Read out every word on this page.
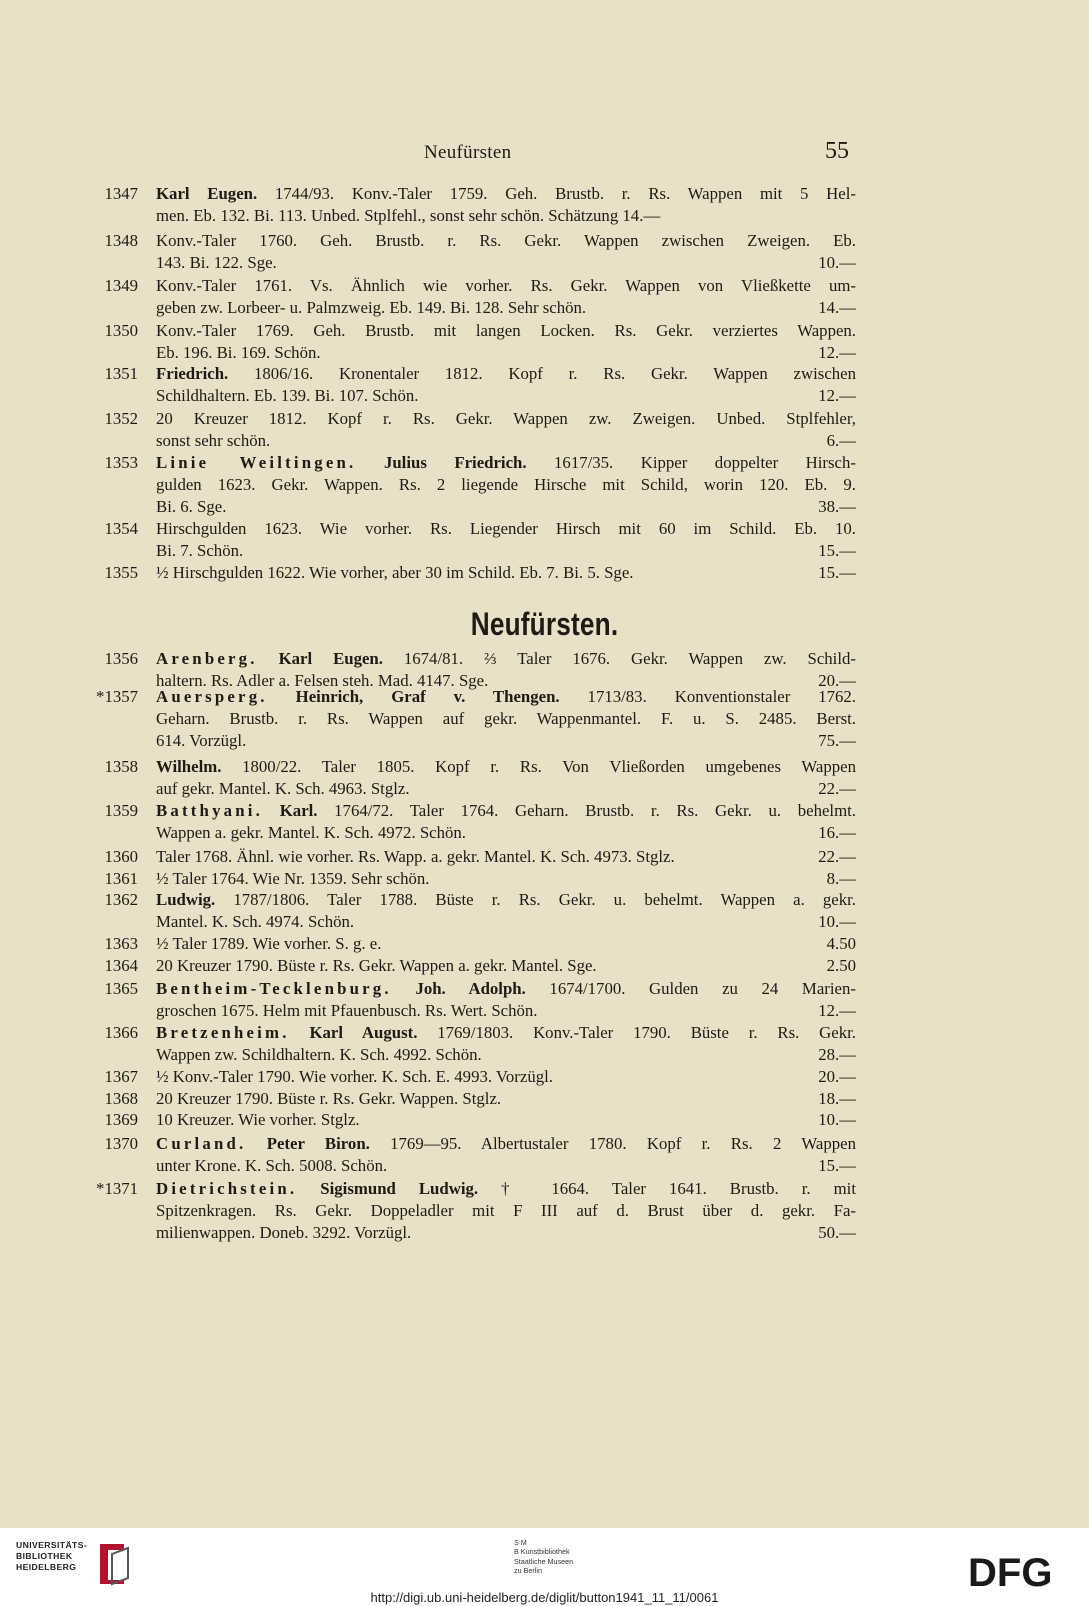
Neufürsten	55
1347 Karl Eugen. 1744/93. Konv.-Taler 1759. Geh. Brustb. r. Rs. Wappen mit 5 Hel-
men. Eb. 132. Bi. 113. Unbed. Stplfehl., sonst sehr schön. Schätzung 14.—
1348 Konv.-Taler 1760. Geh. Brustb. r. Rs. Gekr. Wappen zwischen Zweigen. Eb.
143. Bi. 122. Sge.	10.—
1349 Konv.-Taler 1761. Vs. Ähnlich wie vorher. Rs. Gekr. Wappen von Vließkette um-
geben zw. Lorbeer- u. Palmzweig. Eb. 149. Bi. 128. Sehr schön.	14.—
1350 Konv.-Taler 1769. Geh. Brustb. mit langen Locken. Rs. Gekr. verziertes Wappen.
Eb. 196. Bi. 169. Schön.	12.—
1351 Friedrich. 1806/16. Kronentaler 1812. Kopf r. Rs. Gekr. Wappen zwischen
Schildhaltern. Eb. 139. Bi. 107. Schön.	12.—
1352 20 Kreuzer 1812. Kopf r. Rs. Gekr. Wappen zw. Zweigen. Unbed. Stplfehler,
sonst sehr schön.	6.—
1353 Linie Weiltingen. Julius Friedrich. 1617/35. Kipper doppelter Hirsch-
gulden 1623. Gekr. Wappen. Rs. 2 liegende Hirsche mit Schild, worin 120. Eb. 9.
Bi. 6. Sge.	38.—
1354 Hirschgulden 1623. Wie vorher. Rs. Liegender Hirsch mit 60 im Schild. Eb. 10.
Bi. 7. Schön.	15.—
1355 ½ Hirschgulden 1622. Wie vorher, aber 30 im Schild. Eb. 7. Bi. 5. Sge.	15.—
1356 Arenberg. Karl Eugen. 1674/81. ⅔ Taler 1676. Gekr. Wappen zw. Schild-
haltern. Rs. Adler a. Felsen steh. Mad. 4147. Sge.	20.—
*1357 Auersperg. Heinrich, Graf v. Thengen. 1713/83. Konventionstaler 1762.
Geharn. Brustb. r. Rs. Wappen auf gekr. Wappenmantel. F. u. S. 2485. Berst.
614. Vorzügl.	75.—
1358 Wilhelm. 1800/22. Taler 1805. Kopf r. Rs. Von Vließorden umgebenes Wappen
auf gekr. Mantel. K. Sch. 4963. Stglz.	22.—
1359 Batthyani. Karl. 1764/72. Taler 1764. Geharn. Brustb. r. Rs. Gekr. u. behelmt.
Wappen a. gekr. Mantel. K. Sch. 4972. Schön.	16.—
1360 Taler 1768. Ähnl. wie vorher. Rs. Wapp. a. gekr. Mantel. K. Sch. 4973. Stglz.	22.—
1361 ½ Taler 1764. Wie Nr. 1359. Sehr schön.	8.—
1362 Ludwig. 1787/1806. Taler 1788. Büste r. Rs. Gekr. u. behelmt. Wappen a. gekr.
Mantel. K. Sch. 4974. Schön.	10.—
1363 ½ Taler 1789. Wie vorher. S. g. e.	4.50
1364 20 Kreuzer 1790. Büste r. Rs. Gekr. Wappen a. gekr. Mantel. Sge.	2.50
1365 Bentheim-Tecklenburg. Joh. Adolph. 1674/1700. Gulden zu 24 Marien-
groschen 1675. Helm mit Pfauenbusch. Rs. Wert. Schön.	12.—
1366 Bretzenheim. Karl August. 1769/1803. Konv.-Taler 1790. Büste r. Rs. Gekr.
Wappen zw. Schildhaltern. K. Sch. 4992. Schön.	28.—
1367 ½ Konv.-Taler 1790. Wie vorher. K. Sch. E. 4993. Vorzügl.	20.—
1368 20 Kreuzer 1790. Büste r. Rs. Gekr. Wappen. Stglz.	18.—
1369 10 Kreuzer. Wie vorher. Stglz.	10.—
1370 Curland. Peter Biron. 1769—95. Albertustaler 1780. Kopf r. Rs. 2 Wappen
unter Krone. K. Sch. 5008. Schön.	15.—
*1371 Dietrichstein. Sigismund Ludwig. † 1664. Taler 1641. Brustb. r. mit
Spitzenkragen. Rs. Gekr. Doppeladler mit F III auf d. Brust über d. gekr. Fa-
milienwappen. Doneb. 3292. Vorzügl.	50.—
Neufürsten.
UNIVERSITÄTS-
BIBLIOTHEK
HEIDELBERG
S M
B Kunstbibliothek
Staatliche Museen
zu Berlin	DFG
http://digi.ub.uni-heidelberg.de/diglit/button1941_11_11/0061
